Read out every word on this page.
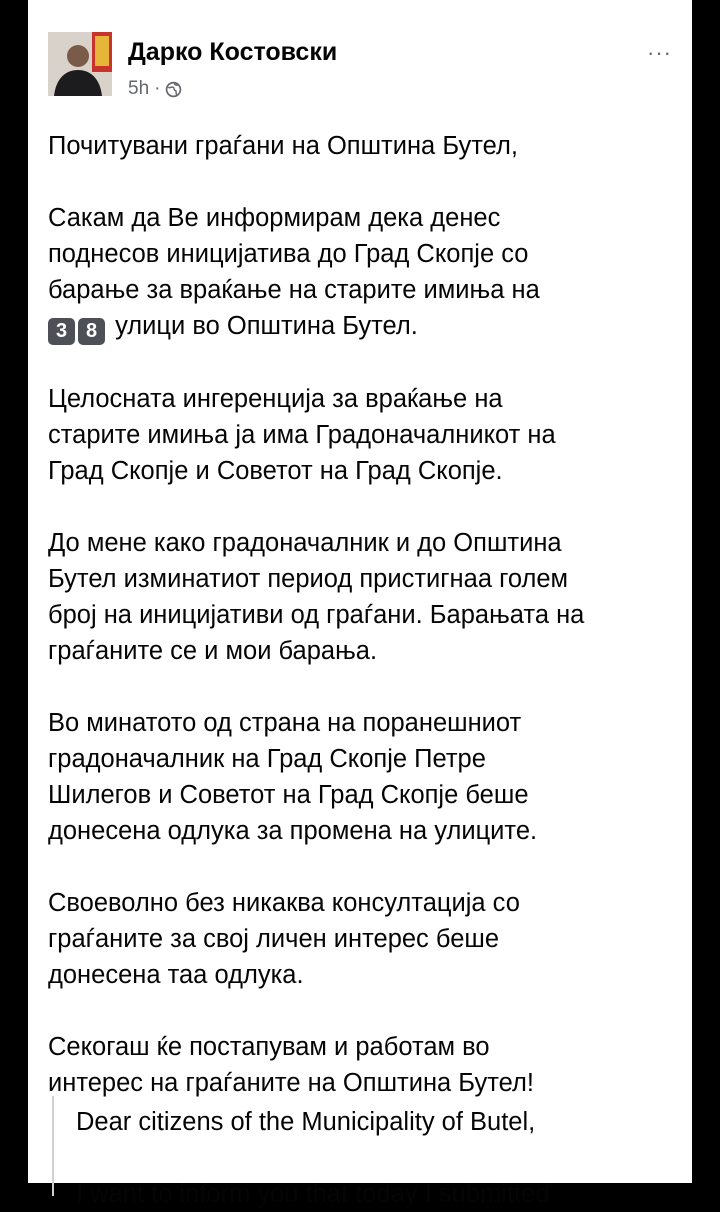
Дарко Костовски
5h ·
···

Почитувани граѓани на Општина Бутел,

Сакам да Ве информирам дека денес
поднесов иницијатива до Град Скопје со
барање за враќање на старите имиња на
3 8 улици во Општина Бутел.

Целосната ингеренција за враќање на
старите имиња ја има Градоначалникот на
Град Скопје и Советот на Град Скопје.

До мене како градоначалник и до Општина
Бутел изминатиот период пристигнаа голем
број на иницијативи од граѓани. Барањата на
граѓаните се и мои барања.

Во минатото од страна на поранешниот
градоначалник на Град Скопје Петре
Шилегов и Советот на Град Скопје беше
донесена одлука за промена на улиците.

Своеволно без никаква консултација со
граѓаните за свој личен интерес беше
донесена таа одлука.

Секогаш ќе постапувам и работам во
интерес на граѓаните на Општина Бутел!

Dear citizens of the Municipality of Butel,
I want to inform you that today I submitted
